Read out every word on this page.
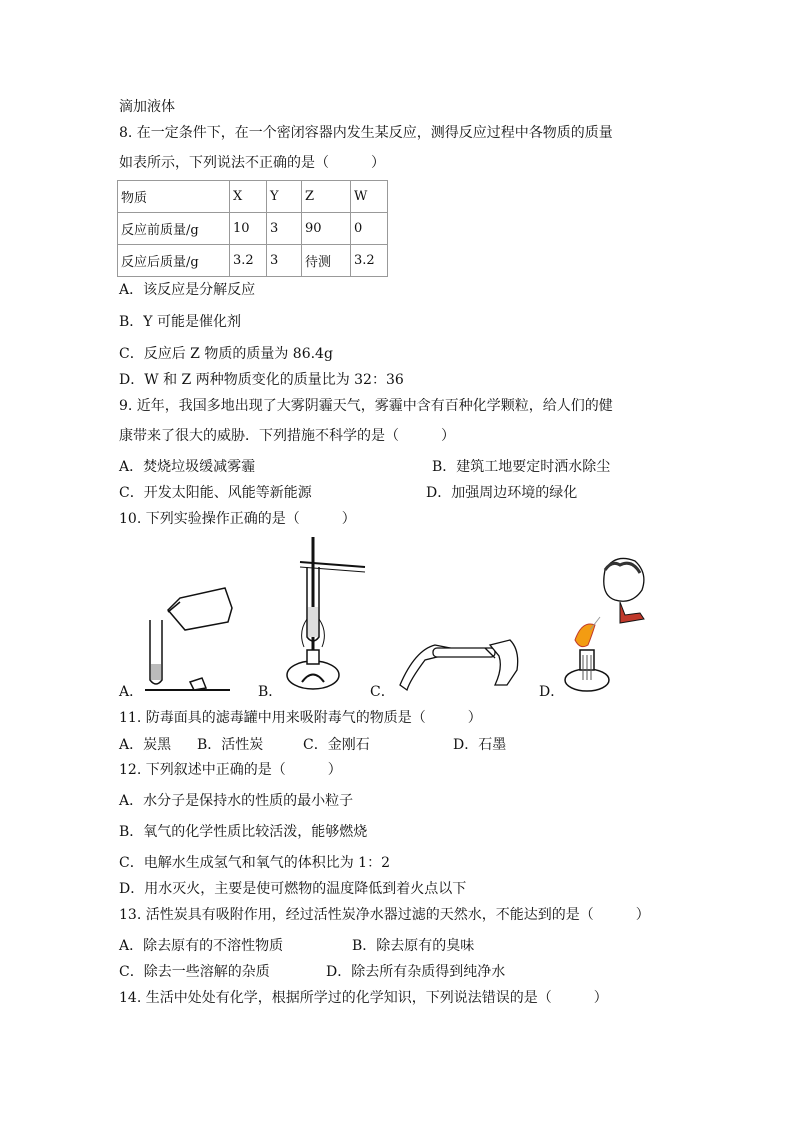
滴加液体
8. 在一定条件下，在一个密闭容器内发生某反应，测得反应过程中各物质的质量
如表所示，下列说法不正确的是（　　　）
物质	X	Y	Z	W
反应前质量/g	10	3	90	0
反应后质量/g	3.2	3	待测	3.2
A．该反应是分解反应
B．Y 可能是催化剂
C．反应后 Z 物质的质量为 86.4g
D．W 和 Z 两种物质变化的质量比为 32：36
9. 近年，我国多地出现了大雾阴霾天气，雾霾中含有百种化学颗粒，给人们的健
康带来了很大的威胁．下列措施不科学的是（　　　）
A．焚烧垃圾缓减雾霾	B．建筑工地要定时洒水除尘
C．开发太阳能、风能等新能源	D．加强周边环境的绿化
10. 下列实验操作正确的是（　　　）
A．	B．	C．	D．
11. 防毒面具的滤毒罐中用来吸附毒气的物质是（　　　）
A．炭黑 B．活性炭	C．金刚石	D．石墨
12. 下列叙述中正确的是（　　　）
A．水分子是保持水的性质的最小粒子
B．氧气的化学性质比较活泼，能够燃烧
C．电解水生成氢气和氧气的体积比为 1：2
D．用水灭火，主要是使可燃物的温度降低到着火点以下
13. 活性炭具有吸附作用，经过活性炭净水器过滤的天然水，不能达到的是（　　　）
A．除去原有的不溶性物质	B．除去原有的臭味
C．除去一些溶解的杂质	D．除去所有杂质得到纯净水
14. 生活中处处有化学，根据所学过的化学知识，下列说法错误的是（　　　）
